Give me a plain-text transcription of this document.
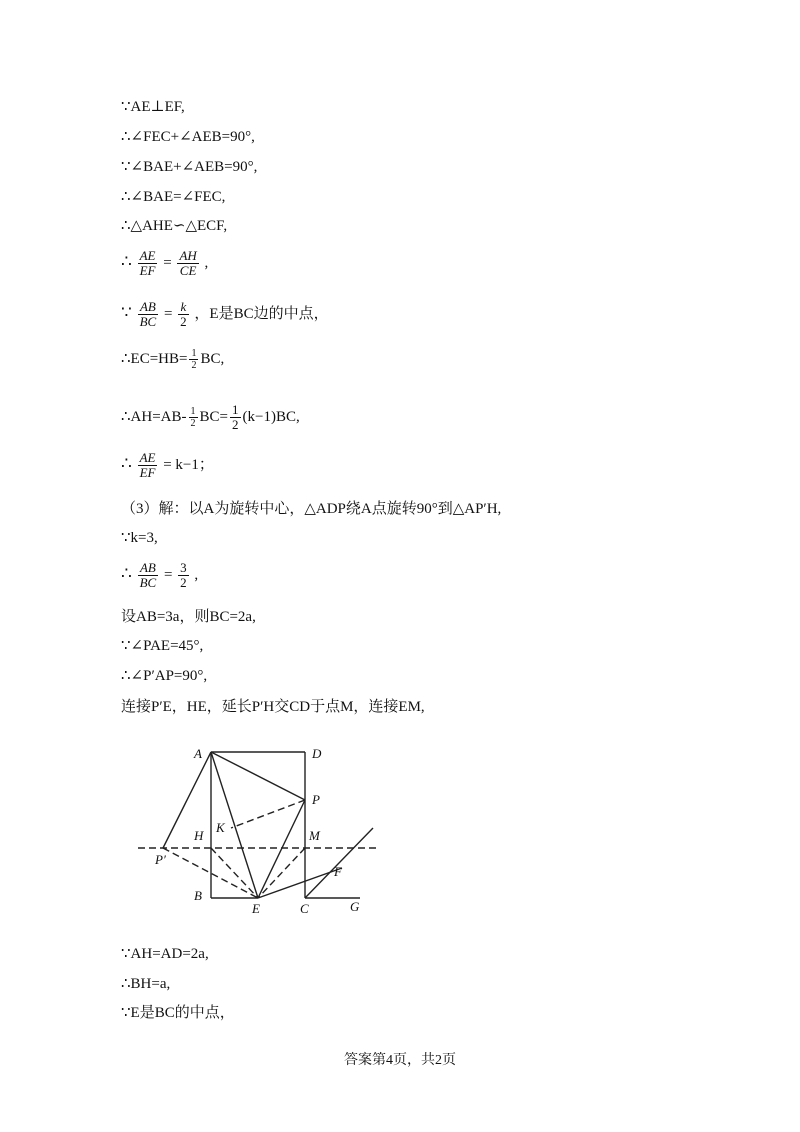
∵AE⊥EF,
∴∠FEC+∠AEB=90°,
∵∠BAE+∠AEB=90°,
∴∠BAE=∠FEC,
∴△AHE∽△ECF,
∴ $\frac{AE}{EF} = \frac{AH}{CE}$ ,
∵ $\frac{AB}{BC} = \frac{k}{2}$ ，E是BC边的中点，
∴EC=HB= $\frac{1}{2}$ BC,
∴AH=AB- $\frac{1}{2} BC= \frac{1}{2} (k-1)BC$,
∴ $\frac{AE}{EF} = k-1$；
（3）解：以A为旋转中心，△ADP绕A点旋转90°到△AP′H,
∵k=3,
∴ $\frac{AB}{BC} = \frac{3}{2}$ ,
设AB=3a，则BC=2a,
∵∠PAE=45°,
∴∠P′AP=90°,
连接P′E，HE，延长P′H交CD于点M，连接EM,
A	D
P
K
H	M
P′
F
B
E	C	G
∵AH=AD=2a,
∴BH=a,
∵E是BC的中点，
答案第4页，共2页
